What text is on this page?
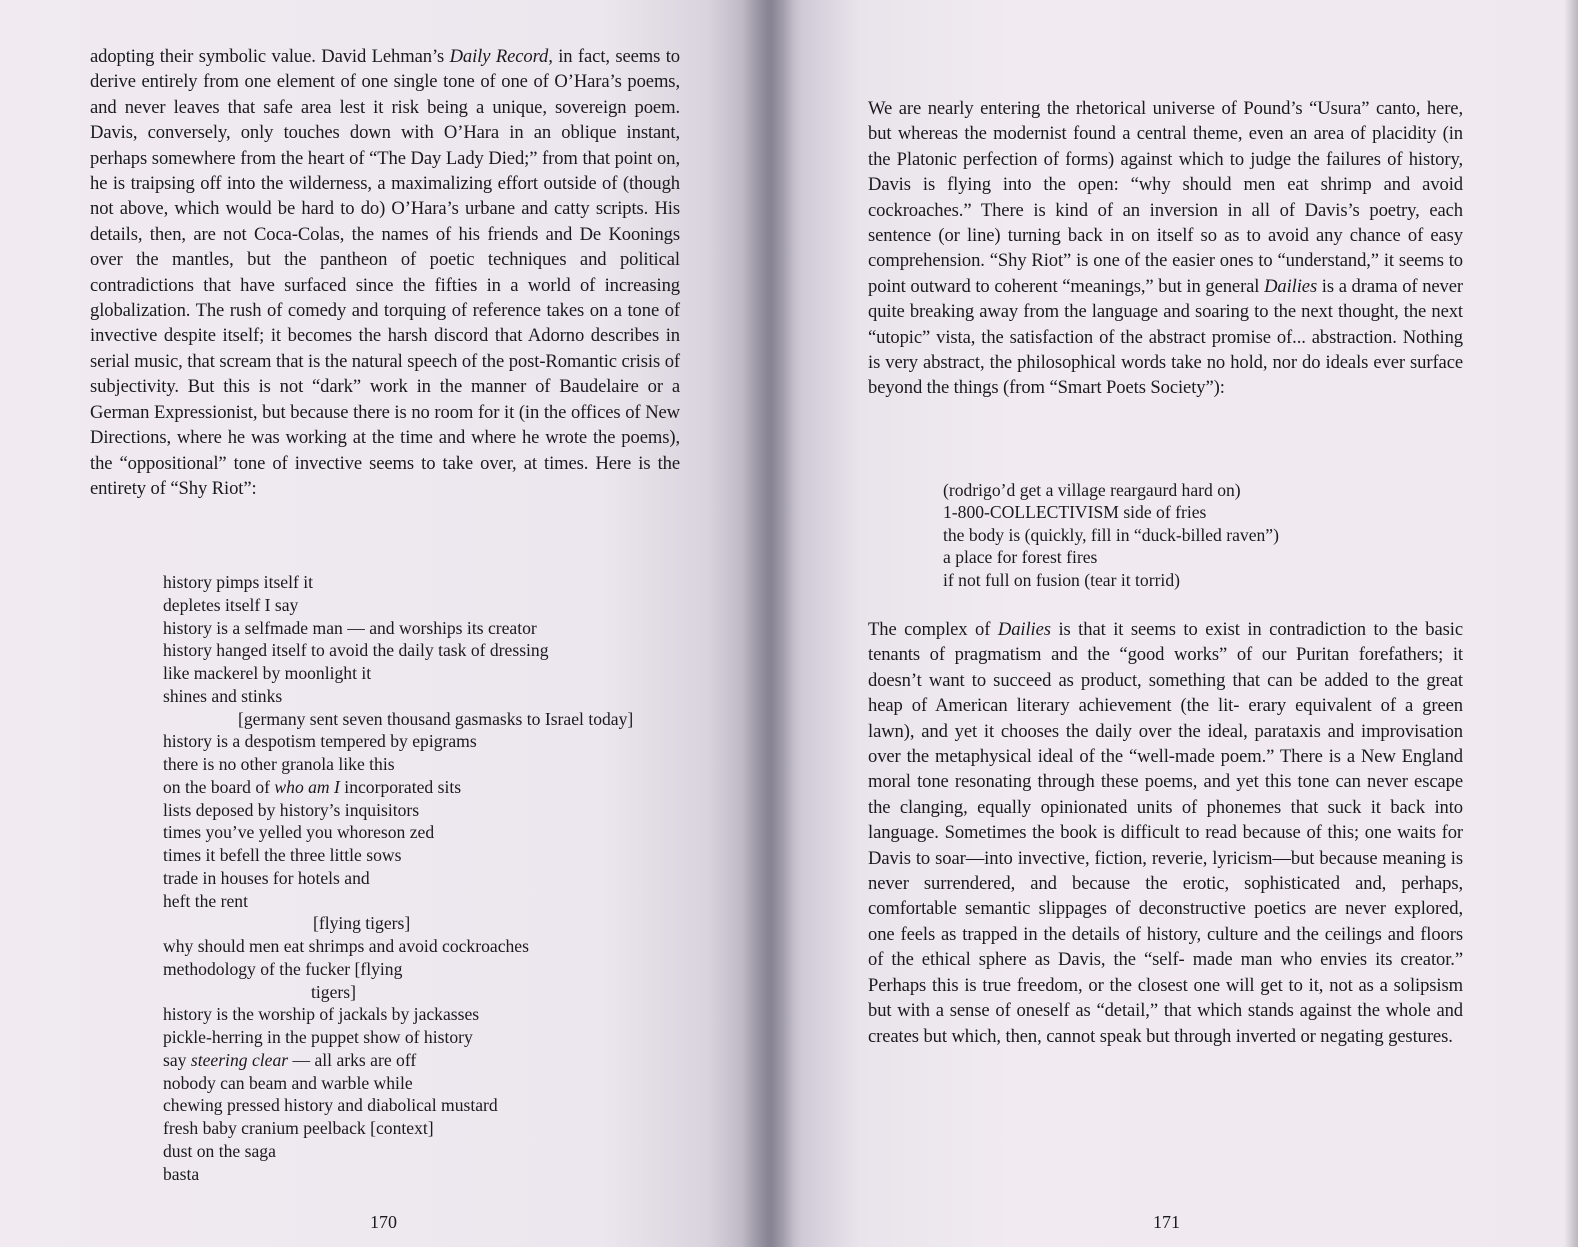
adopting their symbolic value. David Lehman’s Daily Record, in fact, seems to derive entirely from one element of one single tone of one of O’Hara’s poems, and never leaves that safe area lest it risk being a unique, sovereign poem. Davis, conversely, only touches down with O’Hara in an oblique instant, perhaps somewhere from the heart of “The Day Lady Died;” from that point on, he is traipsing off into the wilderness, a maximalizing effort outside of (though not above, which would be hard to do) O’Hara’s urbane and catty scripts. His details, then, are not Coca-Colas, the names of his friends and De Koonings over the mantles, but the pantheon of poetic techniques and political contradictions that have surfaced since the fifties in a world of increasing globalization. The rush of comedy and torquing of reference takes on a tone of invective despite itself; it becomes the harsh discord that Adorno describes in serial music, that scream that is the natural speech of the post-Romantic crisis of subjectivity. But this is not “dark” work in the manner of Baudelaire or a German Expressionist, but because there is no room for it (in the offices of New Directions, where he was working at the time and where he wrote the poems), the “oppositional” tone of invective seems to take over, at times. Here is the entirety of “Shy Riot”:

history pimps itself it
depletes itself I say
history is a selfmade man — and worships its creator
history hanged itself to avoid the daily task of dressing
like mackerel by moonlight it
shines and stinks
[germany sent seven thousand gasmasks to Israel today]
history is a despotism tempered by epigrams
there is no other granola like this
on the board of who am I incorporated sits
lists deposed by history’s inquisitors
times you’ve yelled you whoreson zed
times it befell the three little sows
trade in houses for hotels and
heft the rent
[flying tigers]
why should men eat shrimps and avoid cockroaches
methodology of the fucker [flying
tigers]
history is the worship of jackals by jackasses
pickle-herring in the puppet show of history
say steering clear — all arks are off
nobody can beam and warble while
chewing pressed history and diabolical mustard
fresh baby cranium peelback [context]
dust on the saga
basta
170

We are nearly entering the rhetorical universe of Pound’s “Usura” canto, here, but whereas the modernist found a central theme, even an area of placidity (in the Platonic perfection of forms) against which to judge the failures of history, Davis is flying into the open: “why should men eat shrimp and avoid cockroaches.” There is kind of an inversion in all of Davis’s poetry, each sentence (or line) turning back in on itself so as to avoid any chance of easy comprehension. “Shy Riot” is one of the easier ones to “understand,” it seems to point outward to coherent “meanings,” but in general Dailies is a drama of never quite breaking away from the language and soaring to the next thought, the next “utopic” vista, the satisfaction of the abstract promise of... abstraction. Nothing is very abstract, the philosophical words take no hold, nor do ideals ever surface beyond the things (from “Smart Poets Society”):

(rodrigo’d get a village reargaurd hard on)
1-800-COLLECTIVISM side of fries
the body is (quickly, fill in “duck-billed raven”)
a place for forest fires
if not full on fusion (tear it torrid)

The complex of Dailies is that it seems to exist in contradiction to the basic tenants of pragmatism and the “good works” of our Puritan forefathers; it doesn’t want to succeed as product, something that can be added to the great heap of American literary achievement (the lit- erary equivalent of a green lawn), and yet it chooses the daily over the ideal, parataxis and improvisation over the metaphysical ideal of the “well-made poem.” There is a New England moral tone resonating through these poems, and yet this tone can never escape the clanging, equally opinionated units of phonemes that suck it back into language. Sometimes the book is difficult to read because of this; one waits for Davis to soar—into invective, fiction, reverie, lyricism—but because meaning is never surrendered, and because the erotic, sophisticated and, perhaps, comfortable semantic slippages of deconstructive poetics are never explored, one feels as trapped in the details of history, culture and the ceilings and floors of the ethical sphere as Davis, the “self- made man who envies its creator.” Perhaps this is true freedom, or the closest one will get to it, not as a solipsism but with a sense of oneself as “detail,” that which stands against the whole and creates but which, then, cannot speak but through inverted or negating gestures.

171
